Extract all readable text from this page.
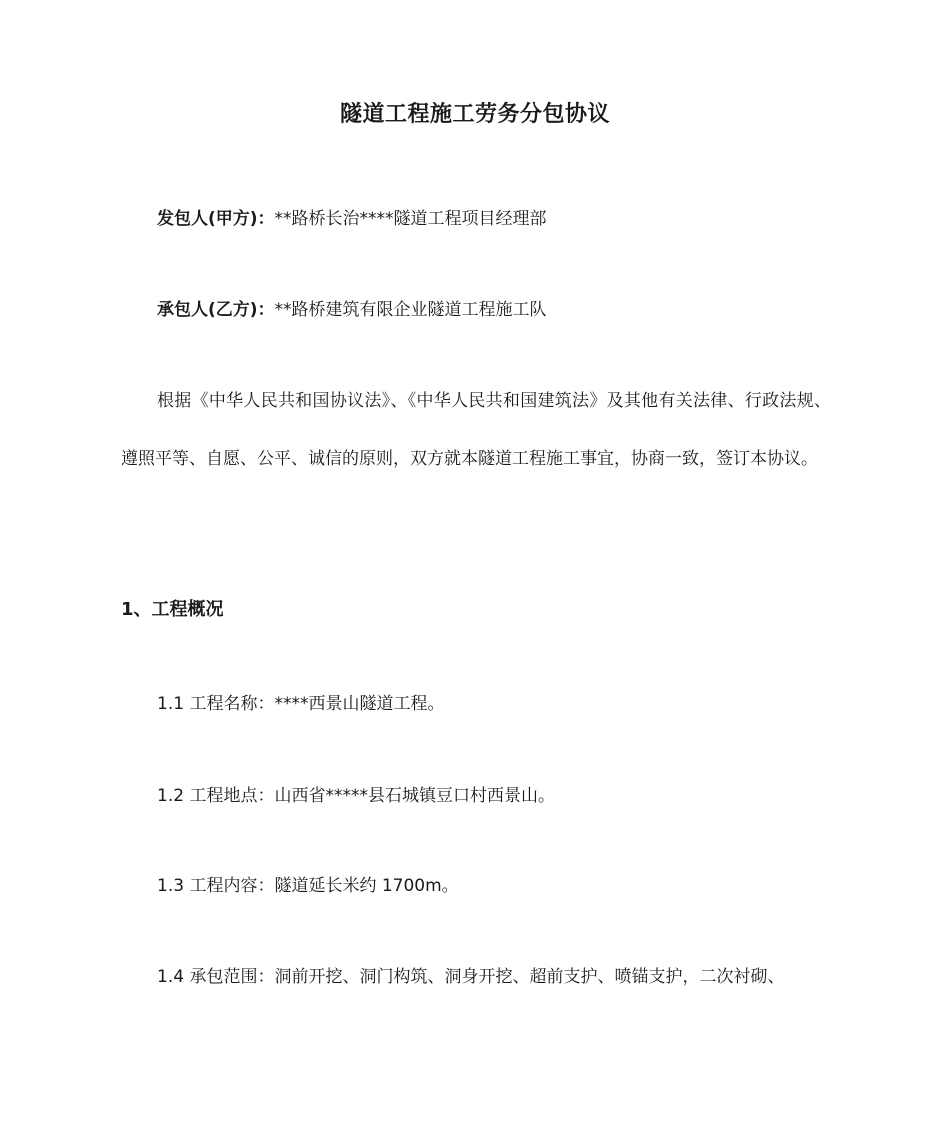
隧道工程施工劳务分包协议
发包人(甲方)：**路桥长治****隧道工程项目经理部
承包人(乙方)：**路桥建筑有限企业隧道工程施工队
根据《中华人民共和国协议法》、《中华人民共和国建筑法》及其他有关法律、行政法规、遵照平等、自愿、公平、诚信的原则，双方就本隧道工程施工事宜，协商一致，签订本协议。
1、工程概况
1.1 工程名称：****西景山隧道工程。
1.2 工程地点：山西省*****县石城镇豆口村西景山。
1.3 工程内容：隧道延长米约 1700m。
1.4 承包范围：洞前开挖、洞门构筑、洞身开挖、超前支护、喷锚支护，二次衬砌、
